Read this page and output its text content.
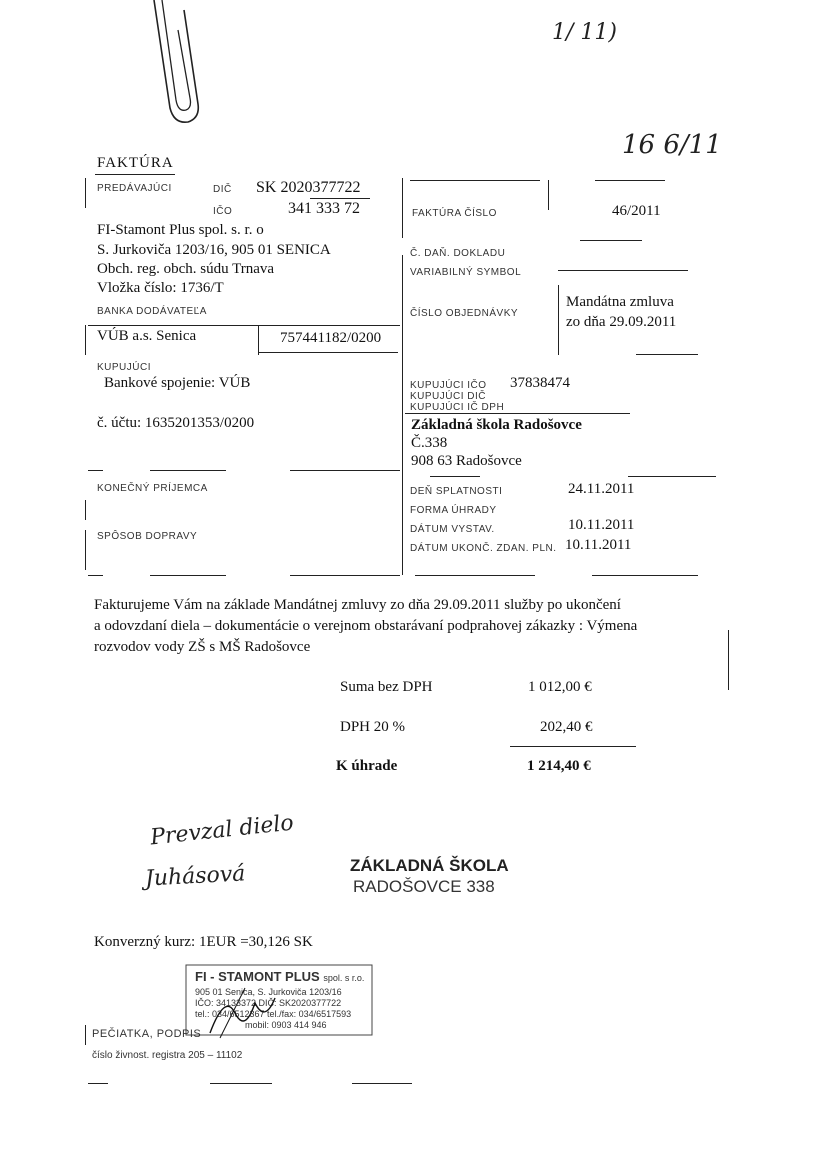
1/ 11)
16 6/11
FAKTÚRA
PREDÁVAJÚCI	DIČ SK 2020377722
IČO	341 333 72
FI-Stamont Plus spol. s. r. o
S. Jurkoviča 1203/16, 905 01 SENICA
Obch. reg. obch. súdu Trnava
Vložka číslo: 1736/T
BANKA DODÁVATEĽA
VÚB a.s. Senica	757441182/0200
FAKTÚRA ČÍSLO	46/2011
Č. DAŇ. DOKLADU
VARIABILNÝ SYMBOL
ČÍSLO OBJEDNÁVKY
Mandátna zmluva
zo dňa 29.09.2011
KUPUJÚCI
Bankové spojenie: VÚB
č. účtu: 1635201353/0200
KUPUJÚCI DIČ
KUPUJÚCI IČO 37838474
KUPUJÚCI IČ DPH
Základná škola Radošovce
Č.338
908 63 Radošovce
KONEČNÝ PRÍJEMCA
SPÔSOB DOPRAVY
DEŇ SPLATNOSTI	24.11.2011
FORMA ÚHRADY
DÁTUM VYSTAV.	10.11.2011
DÁTUM UKONČ. ZDAN. PLN. 10.11.2011
Fakturujeme Vám na základe Mandátnej zmluvy zo dňa 29.09.2011 služby po ukončení
a odovzdaní diela – dokumentácie o verejnom obstarávaní podprahovej zákazky : Výmena
rozvodov vody ZŠ s MŠ Radošovce
Suma bez DPH	1 012,00 €
DPH 20 %	202,40 €
K úhrade	1 214,40 €
Prevzal dielo
Juhásová	ZÁKLADNÁ ŠKOLA
RADOŠOVCE 338
Konverzný kurz: 1EUR =30,126 SK
FI - STAMONT PLUS spol. s r.o.
905 01 Senica, S. Jurkoviča 1203/16
IČO: 34133372 DIČ: SK2020377722
tel.: 034/6512367 tel./fax: 034/6517593
mobil: 0903 414 946
PEČIATKA, PODPIS
číslo živnost. registra 205 – 11102
